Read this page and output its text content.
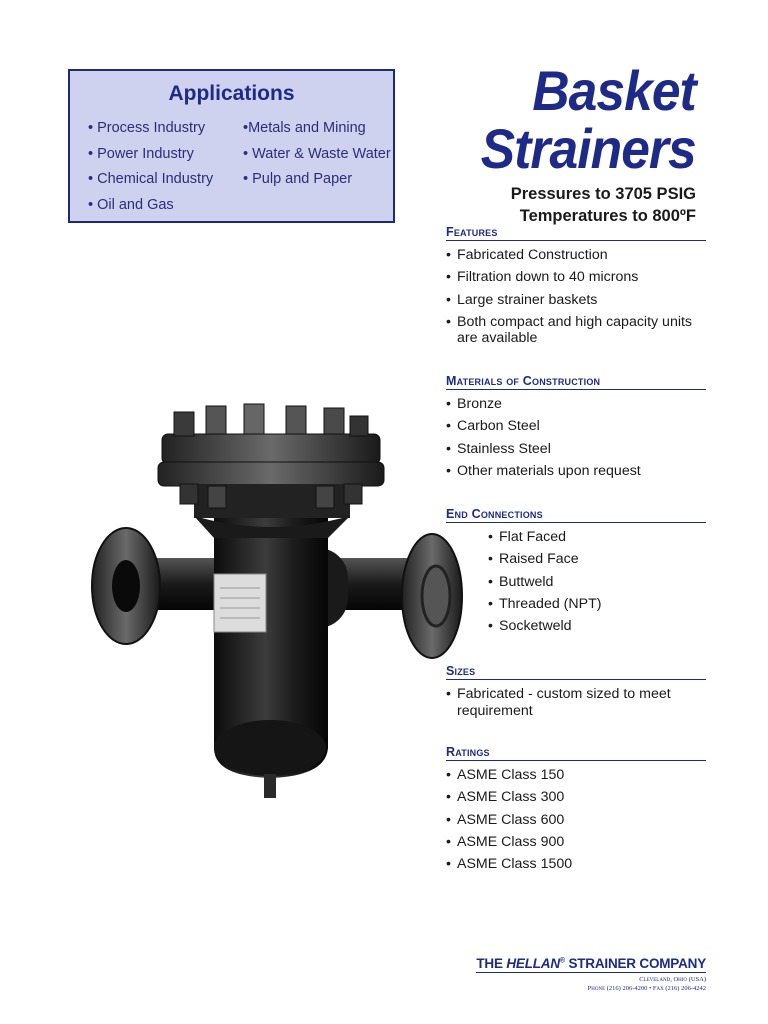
Applications
• Process Industry
• Power Industry
• Chemical Industry
• Oil and Gas
•Metals and Mining
• Water & Waste Water
• Pulp and Paper
Basket
Strainers
Pressures to 3705 PSIG
Temperatures to 800ºF
Features
• Fabricated Construction
• Filtration down to 40 microns
• Large strainer baskets
• Both compact and high capacity units are available
Materials of Construction
• Bronze
• Carbon Steel
• Stainless Steel
• Other materials upon request
End Connections
• Flat Faced
• Raised Face
• Buttweld
• Threaded (NPT)
• Socketweld
Sizes
• Fabricated - custom sized to meet requirement
Ratings
• ASME Class 150
• ASME Class 300
• ASME Class 600
• ASME Class 900
• ASME Class 1500
THE HELLAN® STRAINER COMPANY
Cleveland, Ohio (USA)
Phone (216) 206-4200 • Fax (216) 206-4242
